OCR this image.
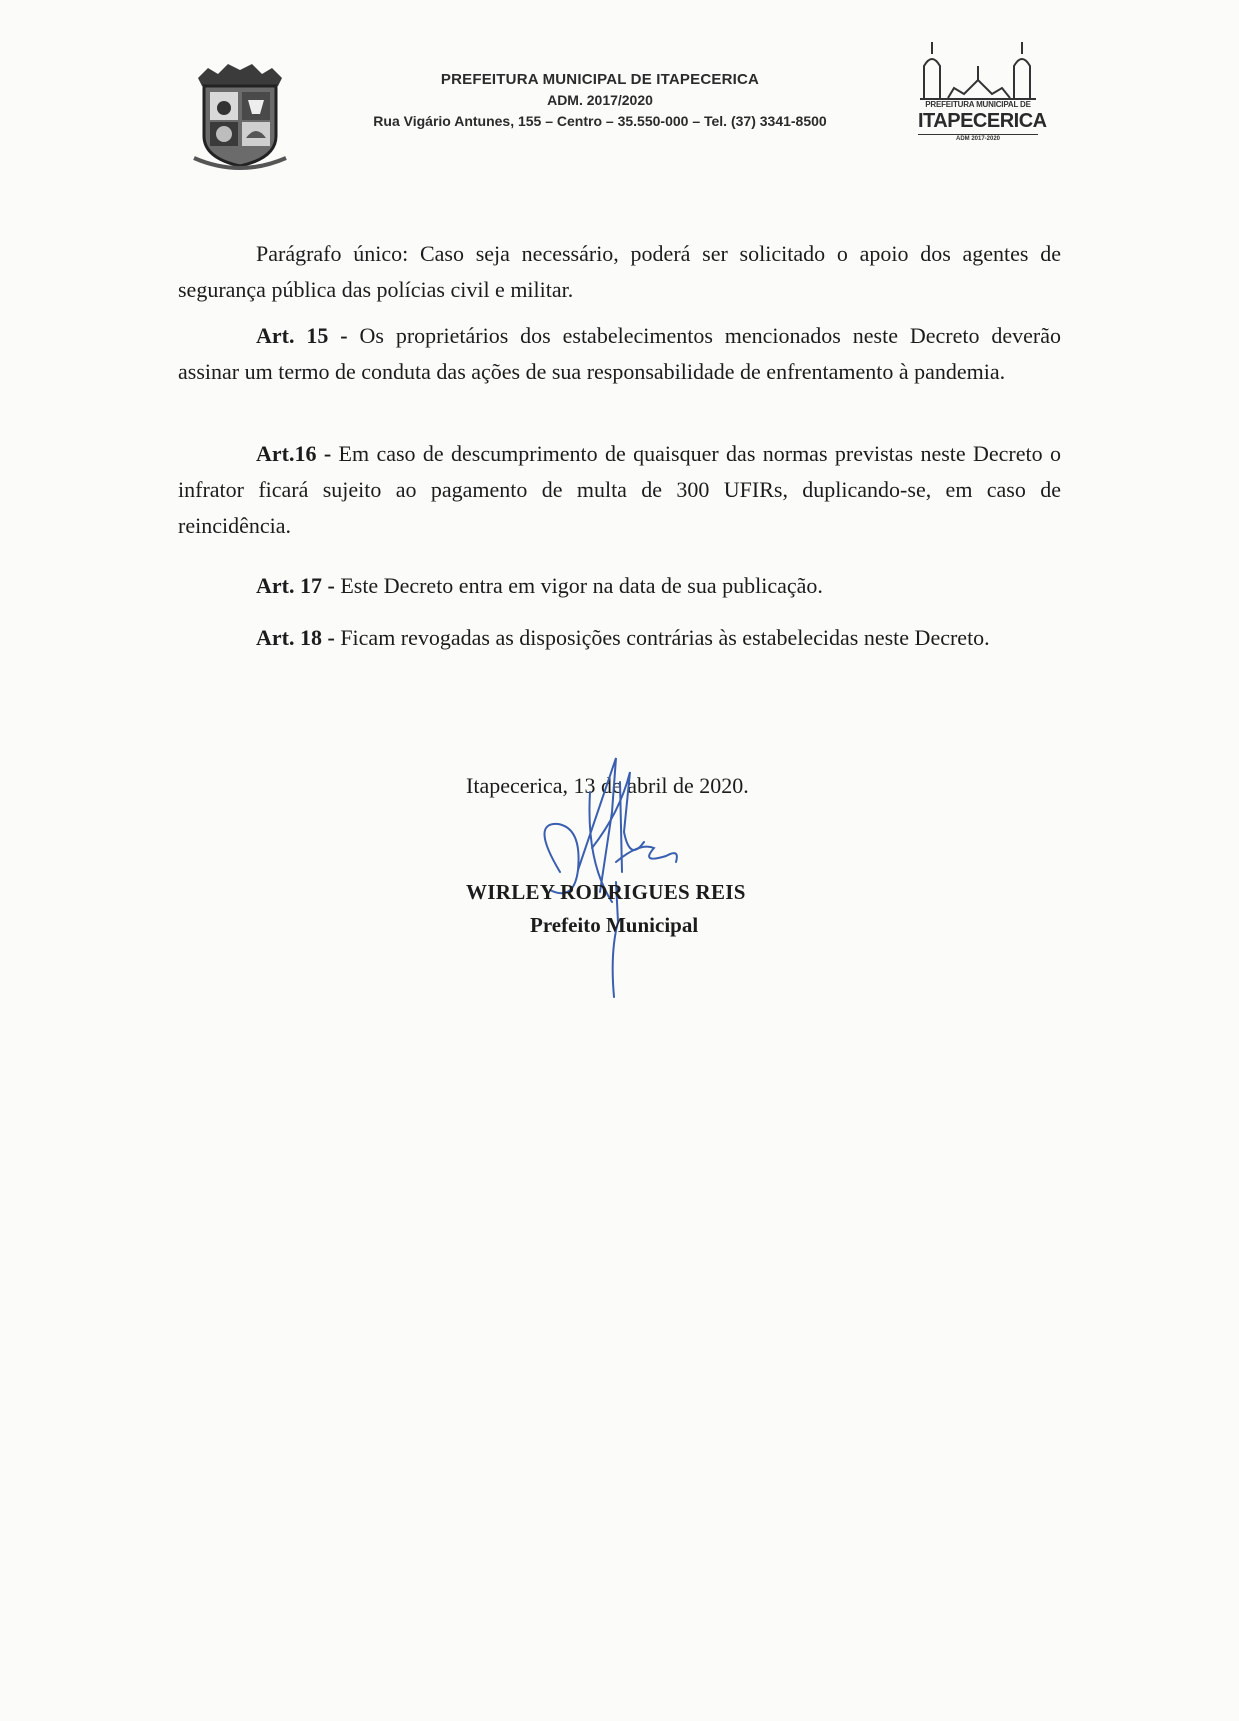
PREFEITURA MUNICIPAL DE ITAPECERICA
ADM. 2017/2020
Rua Vigário Antunes, 155 – Centro – 35.550-000 – Tel. (37) 3341-8500
PREFEITURA MUNICIPAL DE
ITAPECERICA
ADM 2017-2020

Parágrafo único: Caso seja necessário, poderá ser solicitado o apoio dos agentes de segurança pública das polícias civil e militar.

Art. 15 - Os proprietários dos estabelecimentos mencionados neste Decreto deverão assinar um termo de conduta das ações de sua responsabilidade de enfrentamento à pandemia.

Art.16 - Em caso de descumprimento de quaisquer das normas previstas neste Decreto o infrator ficará sujeito ao pagamento de multa de 300 UFIRs, duplicando-se, em caso de reincidência.

Art. 17 - Este Decreto entra em vigor na data de sua publicação.

Art. 18 - Ficam revogadas as disposições contrárias às estabelecidas neste Decreto.

Itapecerica, 13 de abril de 2020.
WIRLEY RODRIGUES REIS
Prefeito Municipal
